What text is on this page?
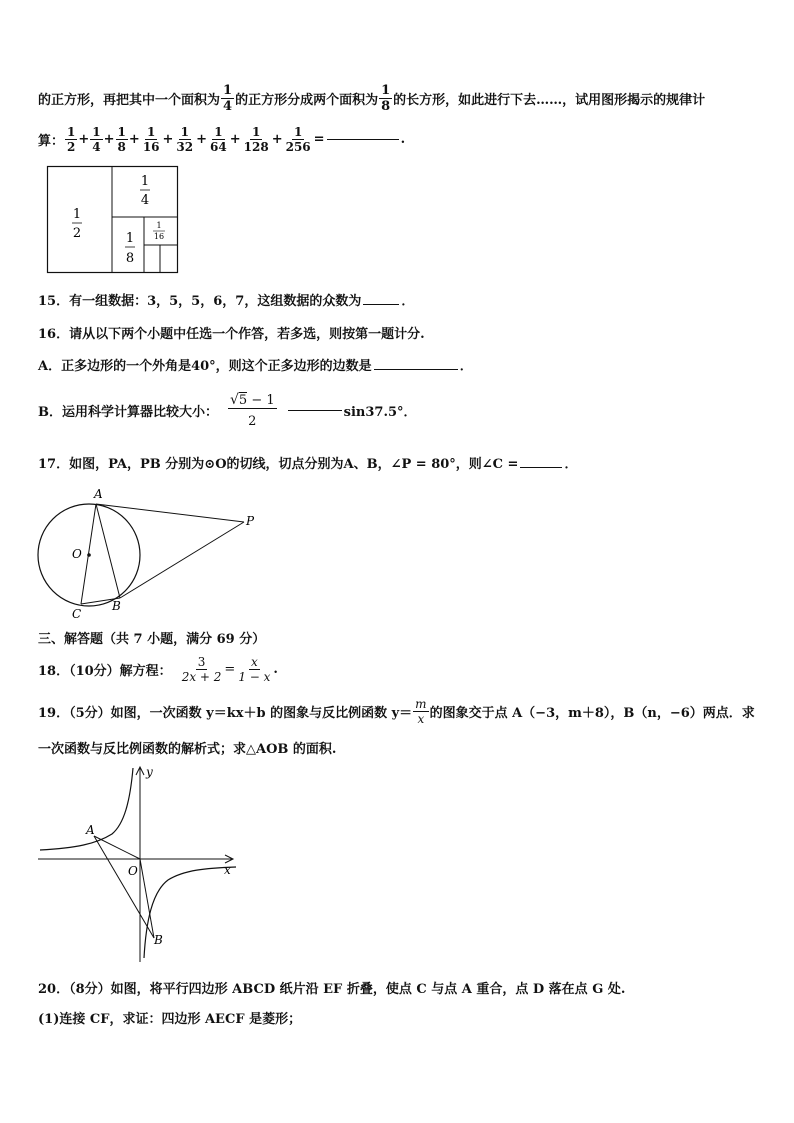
的正方形，再把其中一个面积为 $\frac{1}{4}$ 的正方形分成两个面积为 $\frac{1}{8}$ 的长方形，如此进行下去……，试用图形揭示的规律计
算： $\frac{1}{2} + \frac{1}{4} + \frac{1}{8} + \frac{1}{16} + \frac{1}{32} + \frac{1}{64} + \frac{1}{128} + \frac{1}{256}$ =	.
1
2
1
4
1
8
1
16
15．有一组数据：3，5，5，6，7，这组数据的众数为	．
16．请从以下两个小题中任选一个作答，若多选，则按第一题计分.
A．正多边形的一个外角是40°，则这个正多边形的边数是	．
B．运用科学计算器比较大小： $\frac{√5 - 1}{2}$	sin37.5°．
17．如图，PA，PB 分别为⊙O的切线，切点分别为A、B，∠P = 80°，则∠C =	．
A
P
O
C
B
三、解答题（共 7 小题，满分 69 分）
18．（10分）解方程： $\frac{3}{2x + 2} = \frac{x}{1 - x}$ .
19．（5分）如图，一次函数 y＝kx＋b 的图象与反比例函数 $y= \frac{m}{x}$ 的图象交于点 A（−3，m＋8），B（n，−6）两点．求
一次函数与反比例函数的解析式；求△AOB 的面积.
y
x
A
O
B
20．（8分）如图，将平行四边形 ABCD 纸片沿 EF 折叠，使点 C 与点 A 重合，点 D 落在点 G 处.
(1)连接 CF，求证：四边形 AECF 是菱形；
